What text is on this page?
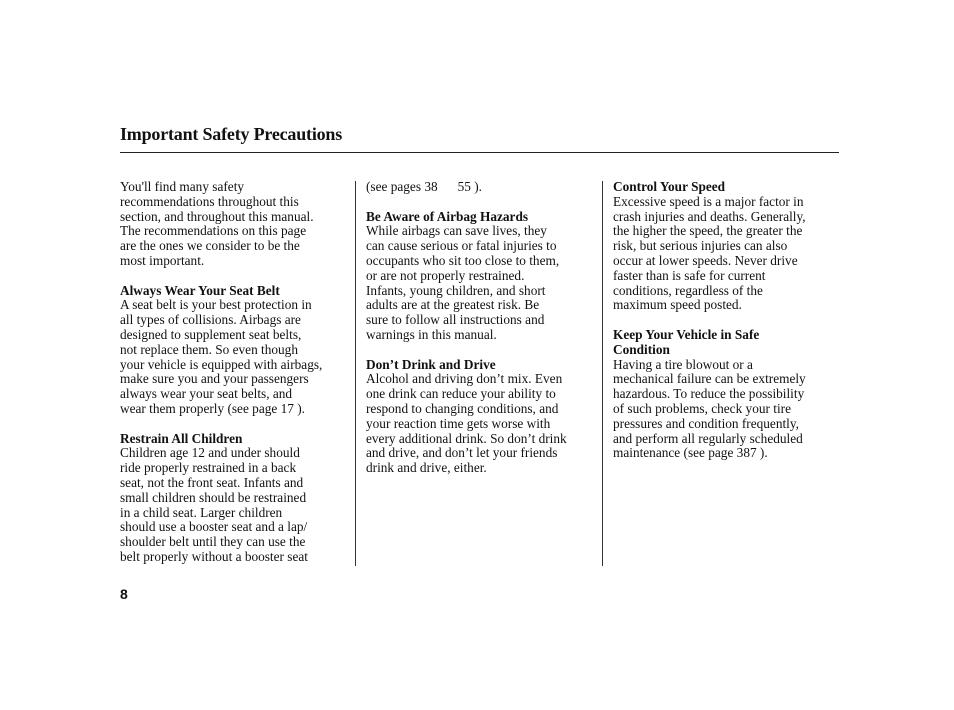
Important Safety Precautions
You'll find many safety
recommendations throughout this
section, and throughout this manual.
The recommendations on this page
are the ones we consider to be the
most important.
Always Wear Your Seat Belt
A seat belt is your best protection in
all types of collisions. Airbags are
designed to supplement seat belts,
not replace them. So even though
your vehicle is equipped with airbags,
make sure you and your passengers
always wear your seat belts, and
wear them properly (see page 17 ).
Restrain All Children
Children age 12 and under should
ride properly restrained in a back
seat, not the front seat. Infants and
small children should be restrained
in a child seat. Larger children
should use a booster seat and a lap/
shoulder belt until they can use the
belt properly without a booster seat
(see pages 38      55 ).
Be Aware of Airbag Hazards
While airbags can save lives, they
can cause serious or fatal injuries to
occupants who sit too close to them,
or are not properly restrained.
Infants, young children, and short
adults are at the greatest risk. Be
sure to follow all instructions and
warnings in this manual.
Don’t Drink and Drive
Alcohol and driving don’t mix. Even
one drink can reduce your ability to
respond to changing conditions, and
your reaction time gets worse with
every additional drink. So don’t drink
and drive, and don’t let your friends
drink and drive, either.
Control Your Speed
Excessive speed is a major factor in
crash injuries and deaths. Generally,
the higher the speed, the greater the
risk, but serious injuries can also
occur at lower speeds. Never drive
faster than is safe for current
conditions, regardless of the
maximum speed posted.
Keep Your Vehicle in Safe
Condition
Having a tire blowout or a
mechanical failure can be extremely
hazardous. To reduce the possibility
of such problems, check your tire
pressures and condition frequently,
and perform all regularly scheduled
maintenance (see page 387 ).
8
